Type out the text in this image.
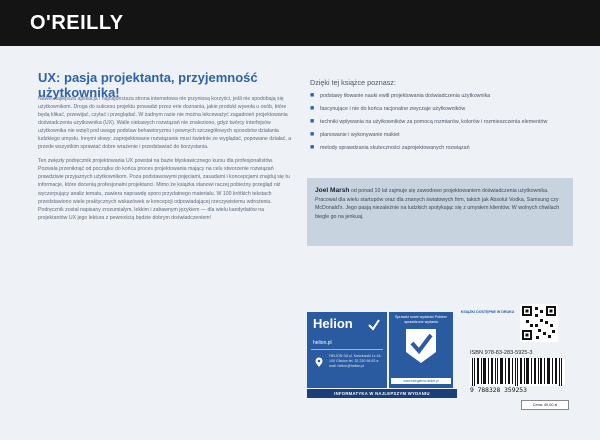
O'REILLY
UX: pasja projektanta, przyjemność użytkownika!

Nawet najlepsza aplikacja i najnajdroższa strona internetowa nie przyniosą korzyści, jeśli nie spodobają się użytkownikom. Droga do sukcesu projektu prowadzi przez erie doznania, jakie produkt wywoła u osób, które będą klikać, przewijać, czytać i przeglądać. W żadnym razie nie można lekceważyć zagadnień projektowania doświadczenia użytkownika (UX). Walle ciekawych rozwiązań nie znaleziono, gdyż twórcy interfejsów użytkownika nie wzięli pod uwagę podstaw behawioryzmu i pewnych szczegółowych sposobów działania ludzkiego umysłu. Innymi słowy: zaprojektowane rozwiązanie musi świetnie ze wyglądać, popowane działać, a przede wszystkim sprawiać dobre wrażenie i przedstawiać do korzystania.

Ten zwięzły podręcznik projektowania UX powstał na bazie błyskawicznego kursu dla profesjonalistów. Pozwala przeniknąć od początku do końca proces projektowania mający na celu stworzenie rozwiązań prawdziwie przyjaznych użytkownikom. Poza podstawowymi pojęciami, zasadami i koncepcjami znajduj się tu informacje, które docenią profesjonalni projektanci. Mimo że książka stanowi raczej pobieżny przegląd niż wyczerpujący analiz tematu, zawiera naprawdę sporo przydatnego materiału. W 100 krótkich tekstach przedstawiono wiele praktycznych wskazówek w koncepcji odpowiadającej rzeczywistemu wdrożeniu. Podręcznik został napisany zrozumiałym, lekkim i zabawnym językiem — dla wielu kandydatów na projektantów UX jego lektura z pewnością będzie dobrym doświadczeniem!

Dzięki tej książce poznasz:
■ podstawy tłowanie nauki ewitl projektowania doświadczenia użytkownika
■ fascynujące i nie do końca racjonalne zwyczaje użytkowników
■ techniki wpływania na użytkowników za pomocą rozmiarów, kolorów i rozmieszczenia elementów
■ planowanie i wykonywanie makiet
■ metody sprawdzania skuteczności zaprojektowanych rozwiązań
Joel Marsh od ponad 10 lat zajmuje się zawodowo projektowaniem doświadczenia użytkownika. Pracował dla wielu startupów oraz dla znanych światowych firm, takich jak Absolut Vodka, Samsung czy McDonald's. Jego pasją niezależnie na ludzkich spotykając się z umysłem klientów. W wolnych chwilach biegle go na jenkuaj.
Helion
helion.pl
HELION SA ul. Kościuszki 1c 44-100 Gliwice tel. 32 230 98 63 e-mail: helion@helion.pl
Sprawdź nowe wydania! Pobierz sprawdzone wydania
www.ksiegarnia.helion.pl
INFORMATYKA W NAJLEPSZYM WYDANIU
KSIĄŻKI DOSTĘPNE W DRUKU
ISBN 978-83-283-5925-3
9 788328 359253
Cena: 49,00 zł
